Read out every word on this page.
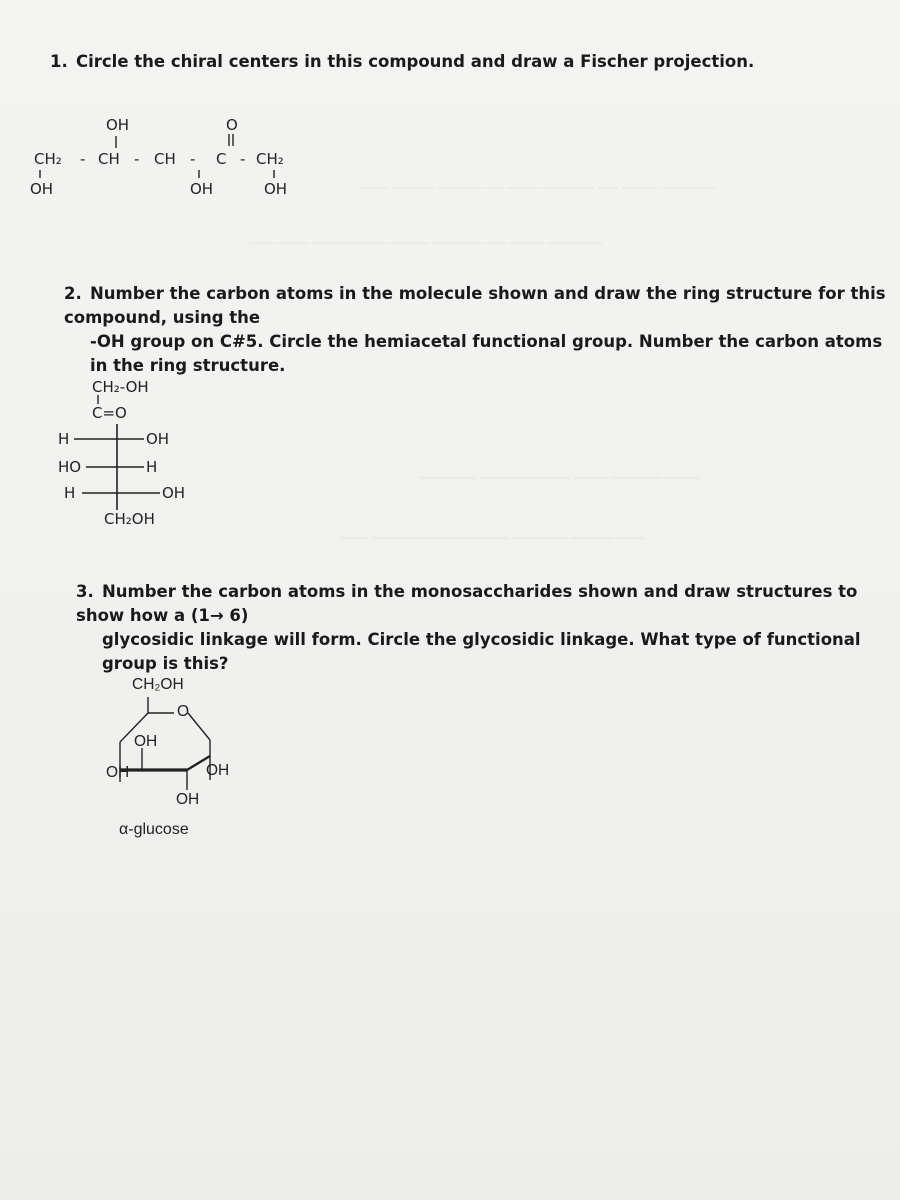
~~~~ ~~~~~~ ~~~~~~~ ~~ ~~~~ ~~~~~~~~ ~~~ ~~~~~ ~~~~~~~~
~~~ ~~~~~ ~~~~~~~~~~ ~~~~~~ ~~~~~~~ ~~~ ~~~~~ ~~~~~~~~
~~~~~~~~ ~~ ~~~ ~~~~~~~ ~~~~~ ~~~~~~~ ~~~~~
~~~~ ~~~~~~~~~~~~~ ~~~~~~ ~~~~~~~~ ~~~~~~ ~~~~
1. Circle the chiral centers in this compound and draw a Fischer projection.
OH	O
CH₂ - CH - CH - C - CH₂
OH	OH	OH
2. Number the carbon atoms in the molecule shown and draw the ring structure for this compound, using the
-OH group on C#5. Circle the hemiacetal functional group. Number the carbon atoms in the ring structure.
CH₂-OH
C=O
H	OH
HO	H
H	OH
CH₂OH
3. Number the carbon atoms in the monosaccharides shown and draw structures to show how a (1→ 6)
glycosidic linkage will form. Circle the glycosidic linkage. What type of functional group is this?
CH₂OH
O
OH
OH	OH
OH
α-glucose
